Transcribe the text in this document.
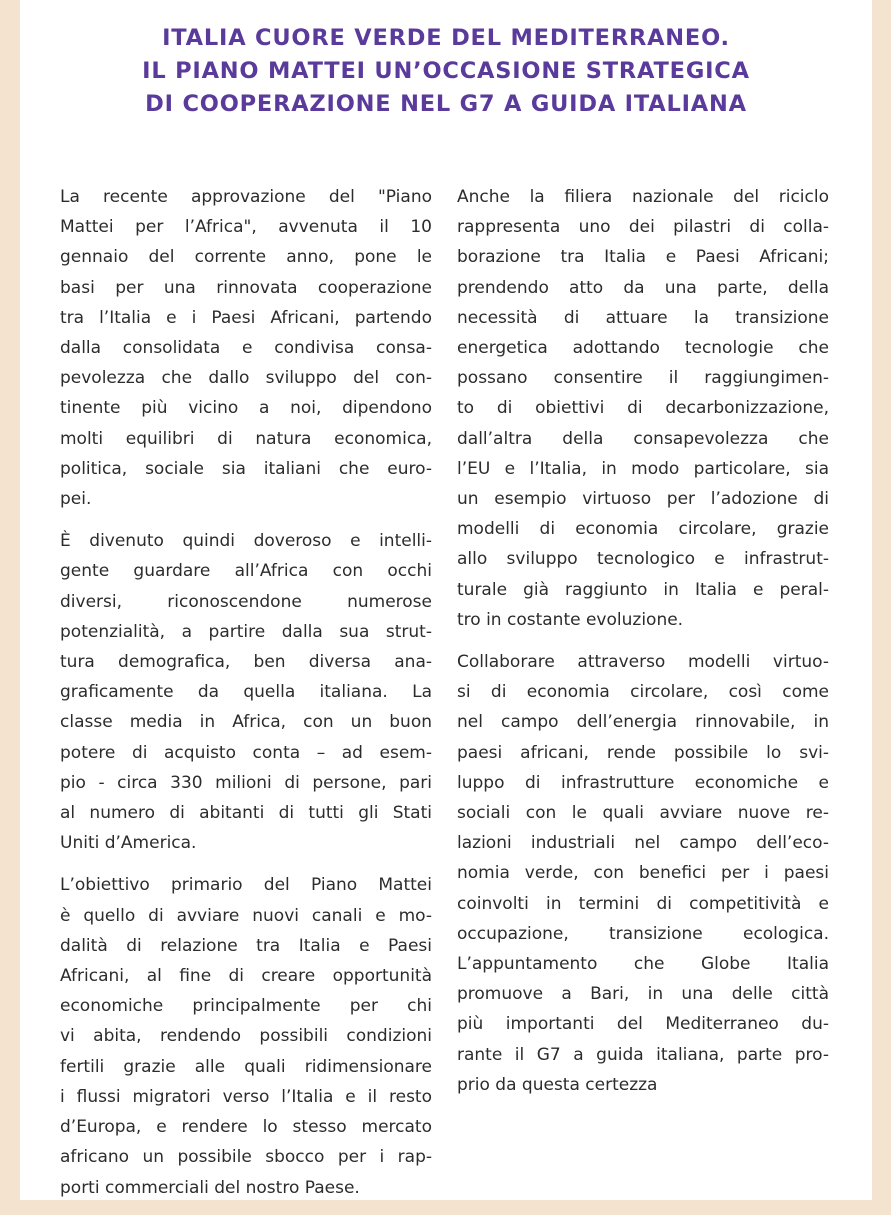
ITALIA CUORE VERDE DEL MEDITERRANEO.
IL PIANO MATTEI UN’OCCASIONE STRATEGICA
DI COOPERAZIONE NEL G7 A GUIDA ITALIANA
La recente approvazione del "Piano
Mattei per l’Africa", avvenuta il 10
gennaio del corrente anno, pone le
basi per una rinnovata cooperazione
tra l’Italia e i Paesi Africani, partendo
dalla consolidata e condivisa consa-
pevolezza che dallo sviluppo del con-
tinente più vicino a noi, dipendono
molti equilibri di natura economica,
politica, sociale sia italiani che euro-
pei.
È divenuto quindi doveroso e intelli-
gente guardare all’Africa con occhi
diversi, riconoscendone numerose
potenzialità, a partire dalla sua strut-
tura demografica, ben diversa ana-
graficamente da quella italiana. La
classe media in Africa, con un buon
potere di acquisto conta – ad esem-
pio - circa 330 milioni di persone, pari
al numero di abitanti di tutti gli Stati
Uniti d’America.
L’obiettivo primario del Piano Mattei
è quello di avviare nuovi canali e mo-
dalità di relazione tra Italia e Paesi
Africani, al fine di creare opportunità
economiche principalmente per chi
vi abita, rendendo possibili condizioni
fertili grazie alle quali ridimensionare
i flussi migratori verso l’Italia e il resto
d’Europa, e rendere lo stesso mercato
africano un possibile sbocco per i rap-
porti commerciali del nostro Paese.
Anche la filiera nazionale del riciclo
rappresenta uno dei pilastri di colla-
borazione tra Italia e Paesi Africani;
prendendo atto da una parte, della
necessità di attuare la transizione
energetica adottando tecnologie che
possano consentire il raggiungimen-
to di obiettivi di decarbonizzazione,
dall’altra della consapevolezza che
l’EU e l’Italia, in modo particolare, sia
un esempio virtuoso per l’adozione di
modelli di economia circolare, grazie
allo sviluppo tecnologico e infrastrut-
turale già raggiunto in Italia e peral-
tro in costante evoluzione.
Collaborare attraverso modelli virtuo-
si di economia circolare, così come
nel campo dell’energia rinnovabile, in
paesi africani, rende possibile lo svi-
luppo di infrastrutture economiche e
sociali con le quali avviare nuove re-
lazioni industriali nel campo dell’eco-
nomia verde, con benefici per i paesi
coinvolti in termini di competitività e
occupazione, transizione ecologica.
L’appuntamento che Globe Italia
promuove a Bari, in una delle città
più importanti del Mediterraneo du-
rante il G7 a guida italiana, parte pro-
prio da questa certezza
